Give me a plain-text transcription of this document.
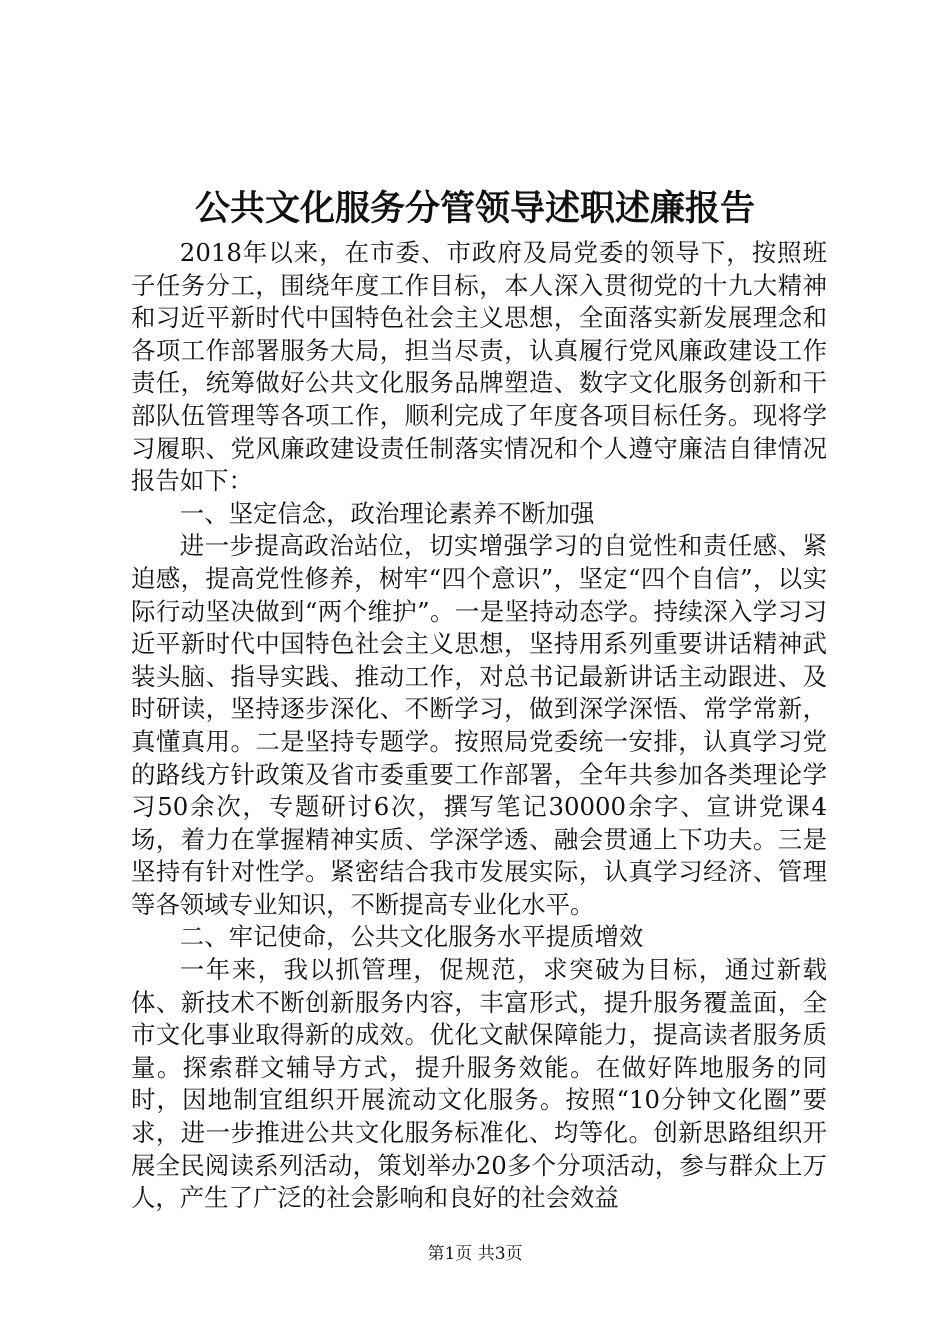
公共文化服务分管领导述职述廉报告

2018年以来，在市委、市政府及局党委的领导下，按照班子任务分工，围绕年度工作目标，本人深入贯彻党的十九大精神和习近平新时代中国特色社会主义思想，全面落实新发展理念和各项工作部署服务大局，担当尽责，认真履行党风廉政建设工作责任，统筹做好公共文化服务品牌塑造、数字文化服务创新和干部队伍管理等各项工作，顺利完成了年度各项目标任务。现将学习履职、党风廉政建设责任制落实情况和个人遵守廉洁自律情况报告如下：

一、坚定信念，政治理论素养不断加强

进一步提高政治站位，切实增强学习的自觉性和责任感、紧迫感，提高党性修养，树牢“四个意识”，坚定“四个自信”，以实际行动坚决做到“两个维护”。一是坚持动态学。持续深入学习习近平新时代中国特色社会主义思想，坚持用系列重要讲话精神武装头脑、指导实践、推动工作，对总书记最新讲话主动跟进、及时研读，坚持逐步深化、不断学习，做到深学深悟、常学常新，真懂真用。二是坚持专题学。按照局党委统一安排，认真学习党的路线方针政策及省市委重要工作部署，全年共参加各类理论学习50余次，专题研讨6次，撰写笔记30000余字、宣讲党课4场，着力在掌握精神实质、学深学透、融会贯通上下功夫。三是坚持有针对性学。紧密结合我市发展实际，认真学习经济、管理等各领域专业知识，不断提高专业化水平。

二、牢记使命，公共文化服务水平提质增效

一年来，我以抓管理，促规范，求突破为目标，通过新载体、新技术不断创新服务内容，丰富形式，提升服务覆盖面，全市文化事业取得新的成效。优化文献保障能力，提高读者服务质量。探索群文辅导方式，提升服务效能。在做好阵地服务的同时，因地制宜组织开展流动文化服务。按照“10分钟文化圈”要求，进一步推进公共文化服务标准化、均等化。创新思路组织开展全民阅读系列活动，策划举办20多个分项活动，参与群众上万人，产生了广泛的社会影响和良好的社会效益

第1页 共3页
